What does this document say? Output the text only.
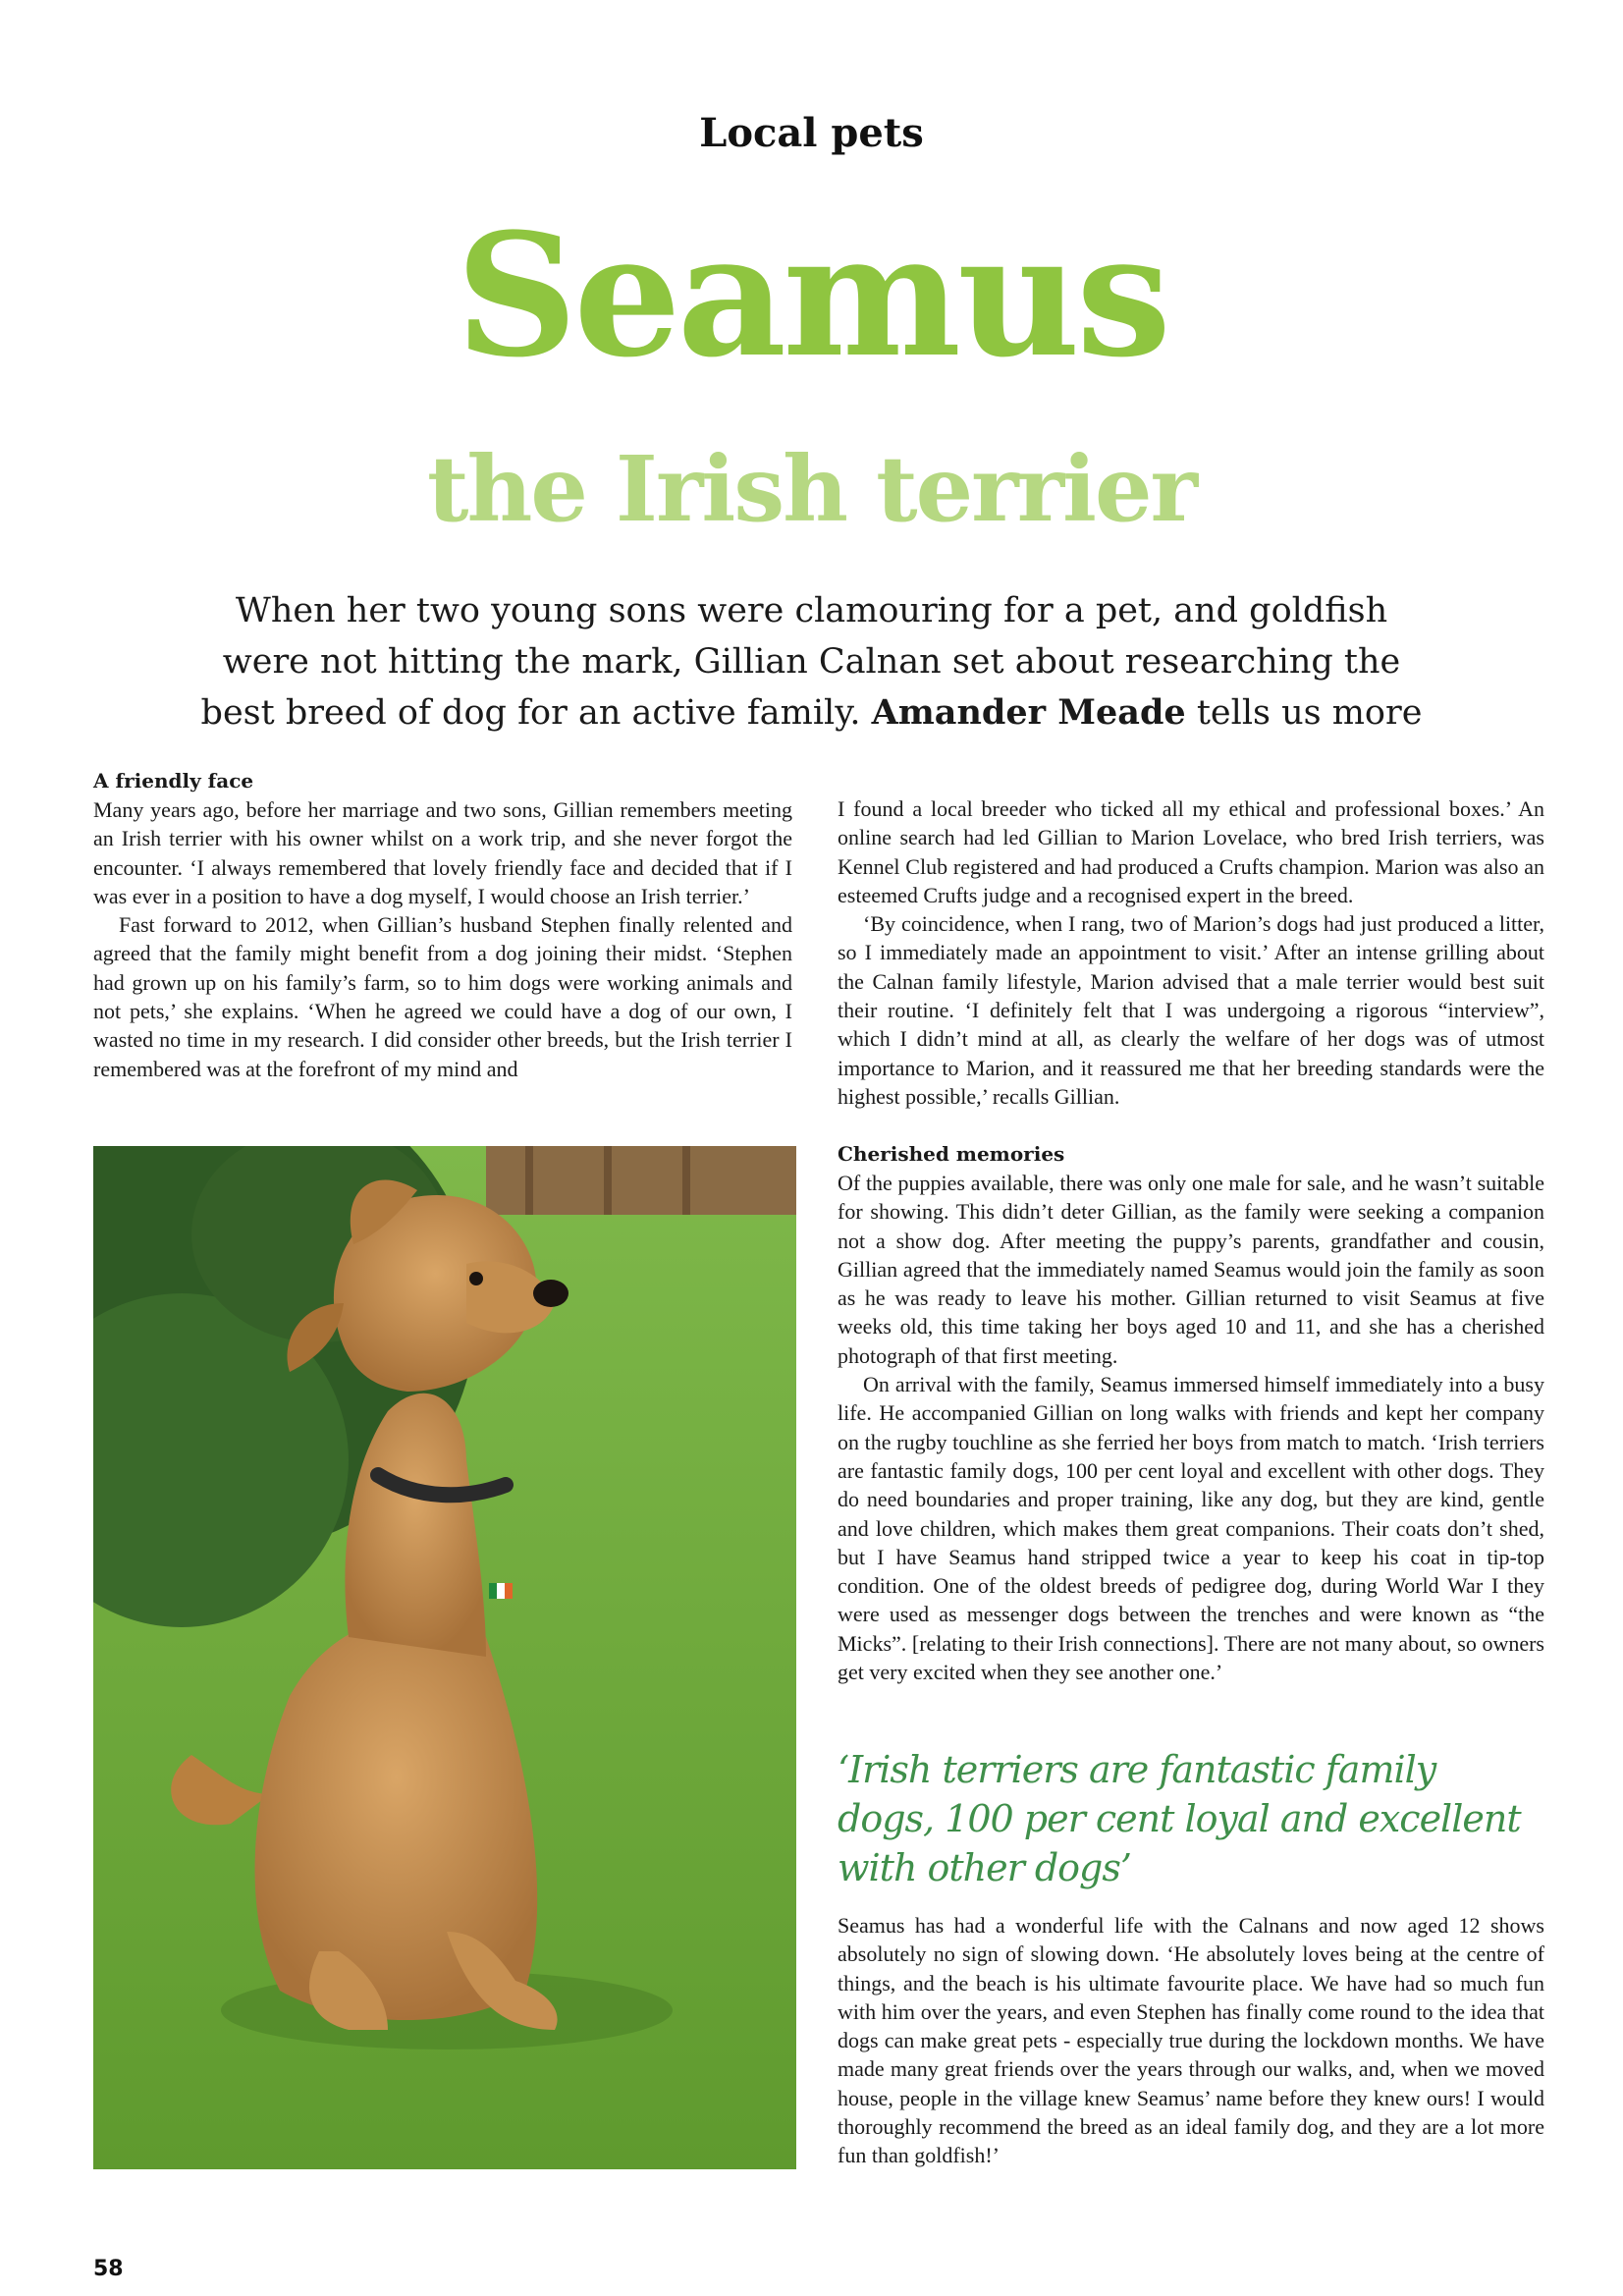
Local pets
Seamus
the Irish terrier
When her two young sons were clamouring for a pet, and goldfish were not hitting the mark, Gillian Calnan set about researching the best breed of dog for an active family. Amander Meade tells us more
A friendly face

Many years ago, before her marriage and two sons, Gillian remembers meeting an Irish terrier with his owner whilst on a work trip, and she never forgot the encounter. ‘I always remembered that lovely friendly face and decided that if I was ever in a position to have a dog myself, I would choose an Irish terrier.’

Fast forward to 2012, when Gillian’s husband Stephen finally relented and agreed that the family might benefit from a dog joining their midst. ‘Stephen had grown up on his family’s farm, so to him dogs were working animals and not pets,’ she explains. ‘When he agreed we could have a dog of our own, I wasted no time in my research. I did consider other breeds, but the Irish terrier I remembered was at the forefront of my mind and

I found a local breeder who ticked all my ethical and professional boxes.’ An online search had led Gillian to Marion Lovelace, who bred Irish terriers, was Kennel Club registered and had produced a Crufts champion. Marion was also an esteemed Crufts judge and a recognised expert in the breed.

‘By coincidence, when I rang, two of Marion’s dogs had just produced a litter, so I immediately made an appointment to visit.’ After an intense grilling about the Calnan family lifestyle, Marion advised that a male terrier would best suit their routine. ‘I definitely felt that I was undergoing a rigorous “interview”, which I didn’t mind at all, as clearly the welfare of her dogs was of utmost importance to Marion, and it reassured me that her breeding standards were the highest possible,’ recalls Gillian.

Cherished memories

Of the puppies available, there was only one male for sale, and he wasn’t suitable for showing. This didn’t deter Gillian, as the family were seeking a companion not a show dog. After meeting the puppy’s parents, grandfather and cousin, Gillian agreed that the immediately named Seamus would join the family as soon as he was ready to leave his mother. Gillian returned to visit Seamus at five weeks old, this time taking her boys aged 10 and 11, and she has a cherished photograph of that first meeting.

On arrival with the family, Seamus immersed himself immediately into a busy life. He accompanied Gillian on long walks with friends and kept her company on the rugby touchline as she ferried her boys from match to match. ‘Irish terriers are fantastic family dogs, 100 per cent loyal and excellent with other dogs. They do need boundaries and proper training, like any dog, but they are kind, gentle and love children, which makes them great companions. Their coats don’t shed, but I have Seamus hand stripped twice a year to keep his coat in tip-top condition. One of the oldest breeds of pedigree dog, during World War I they were used as messenger dogs between the trenches and were known as “the Micks”. [relating to their Irish connections]. There are not many about, so owners get very excited when they see another one.’

‘Irish terriers are fantastic family dogs, 100 per cent loyal and excellent with other dogs’

Seamus has had a wonderful life with the Calnans and now aged 12 shows absolutely no sign of slowing down. ‘He absolutely loves being at the centre of things, and the beach is his ultimate favourite place. We have had so much fun with him over the years, and even Stephen has finally come round to the idea that dogs can make great pets - especially true during the lockdown months. We have made many great friends over the years through our walks, and, when we moved house, people in the village knew Seamus’ name before they knew ours! I would thoroughly recommend the breed as an ideal family dog, and they are a lot more fun than goldfish!’

58
